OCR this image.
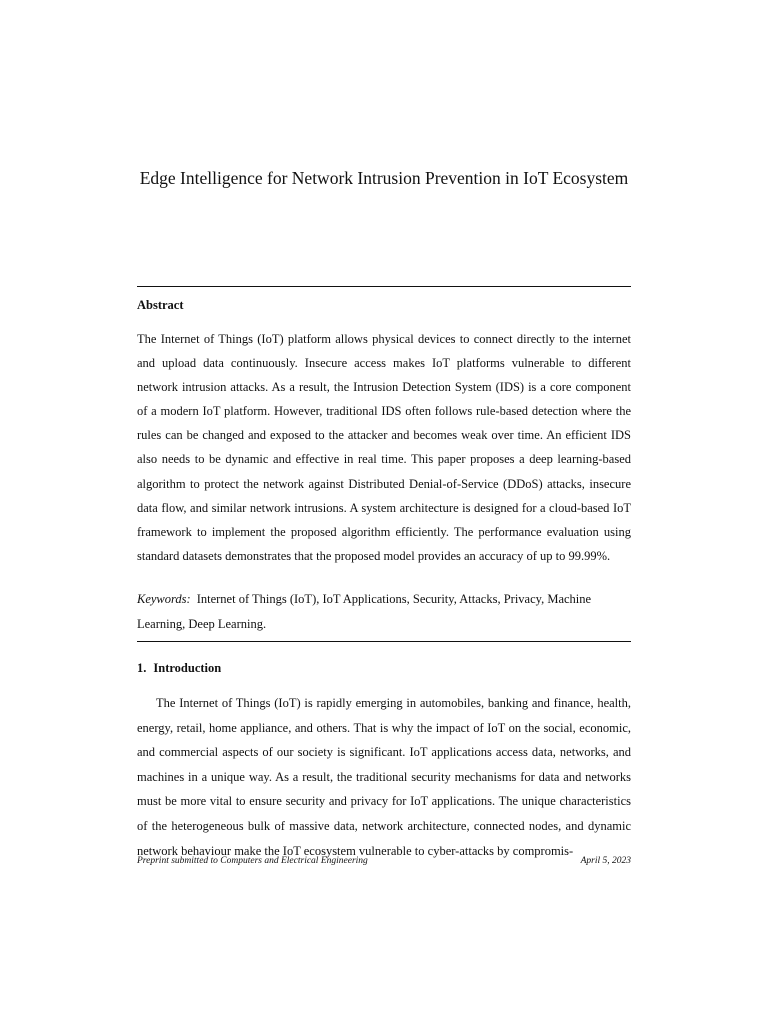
Edge Intelligence for Network Intrusion Prevention in IoT Ecosystem
Abstract

The Internet of Things (IoT) platform allows physical devices to connect directly to the internet and upload data continuously. Insecure access makes IoT platforms vulnerable to different network intrusion attacks. As a result, the Intrusion Detection System (IDS) is a core component of a modern IoT platform. However, traditional IDS often follows rule-based detection where the rules can be changed and exposed to the attacker and becomes weak over time. An efficient IDS also needs to be dynamic and effective in real time. This paper proposes a deep learning-based algorithm to protect the network against Distributed Denial-of-Service (DDoS) attacks, insecure data flow, and similar network intrusions. A system architecture is designed for a cloud-based IoT framework to implement the proposed algorithm efficiently. The performance evaluation using standard datasets demonstrates that the proposed model provides an accuracy of up to 99.99%.

Keywords: Internet of Things (IoT), IoT Applications, Security, Attacks, Privacy, Machine Learning, Deep Learning.

1. Introduction

The Internet of Things (IoT) is rapidly emerging in automobiles, banking and finance, health, energy, retail, home appliance, and others. That is why the impact of IoT on the social, economic, and commercial aspects of our society is significant. IoT applications access data, networks, and machines in a unique way. As a result, the traditional security mechanisms for data and networks must be more vital to ensure security and privacy for IoT applications. The unique characteristics of the heterogeneous bulk of massive data, network architecture, connected nodes, and dynamic network behaviour make the IoT ecosystem vulnerable to cyber-attacks by compromis-

Preprint submitted to Computers and Electrical Engineering	April 5, 2023
